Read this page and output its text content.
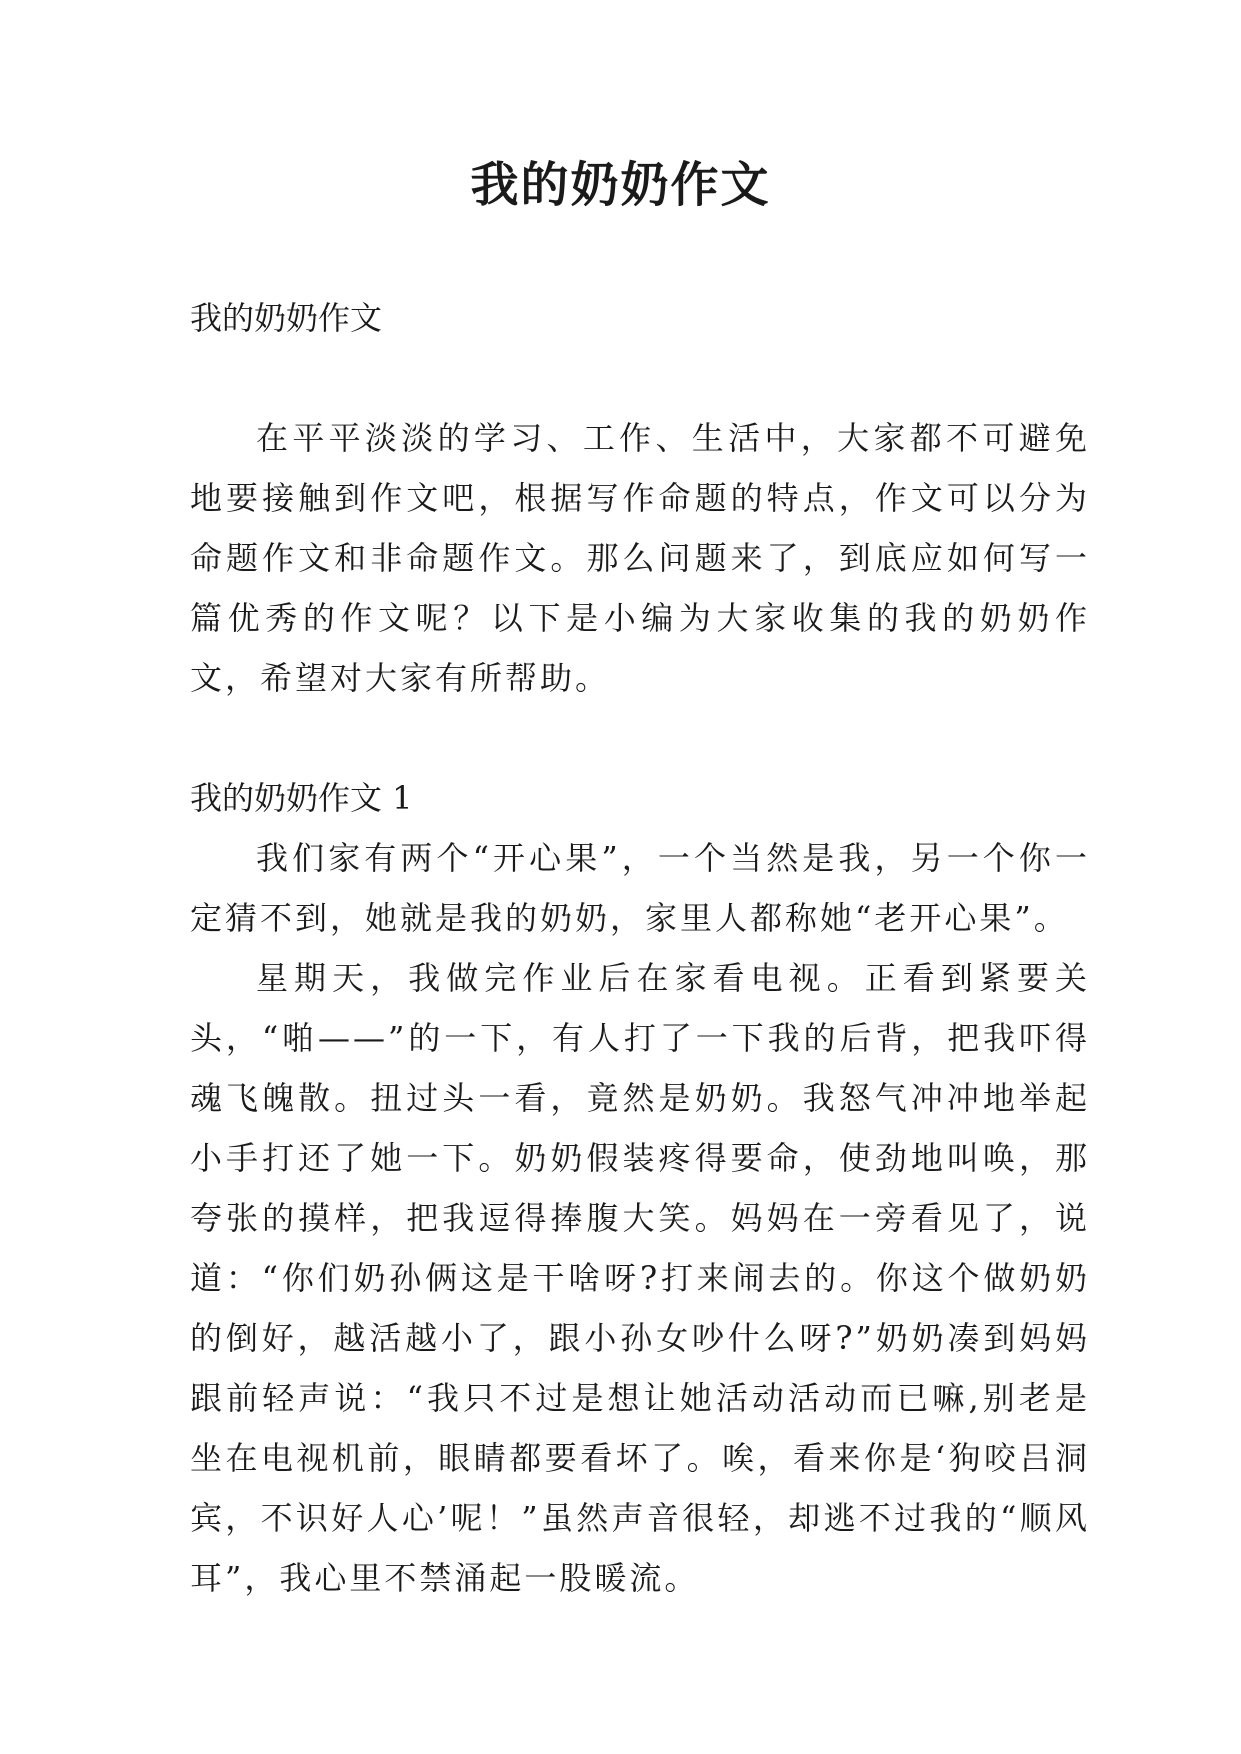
我的奶奶作文

我的奶奶作文

在平平淡淡的学习、工作、生活中，大家都不可避免地要接触到作文吧，根据写作命题的特点，作文可以分为命题作文和非命题作文。那么问题来了，到底应如何写一篇优秀的作文呢？以下是小编为大家收集的我的奶奶作文，希望对大家有所帮助。

我的奶奶作文 1

我们家有两个“开心果”，一个当然是我，另一个你一定猜不到，她就是我的奶奶，家里人都称她“老开心果”。

星期天，我做完作业后在家看电视。正看到紧要关头，“啪——”的一下，有人打了一下我的后背，把我吓得魂飞魄散。扭过头一看，竟然是奶奶。我怒气冲冲地举起小手打还了她一下。奶奶假装疼得要命，使劲地叫唤，那夸张的摸样，把我逗得捧腹大笑。妈妈在一旁看见了，说道：“你们奶孙俩这是干啥呀?打来闹去的。你这个做奶奶的倒好，越活越小了，跟小孙女吵什么呀?”奶奶凑到妈妈跟前轻声说：“我只不过是想让她活动活动而已嘛,别老是坐在电视机前，眼睛都要看坏了。唉，看来你是‘狗咬吕洞宾，不识好人心’呢！”虽然声音很轻，却逃不过我的“顺风耳”，我心里不禁涌起一股暖流。
